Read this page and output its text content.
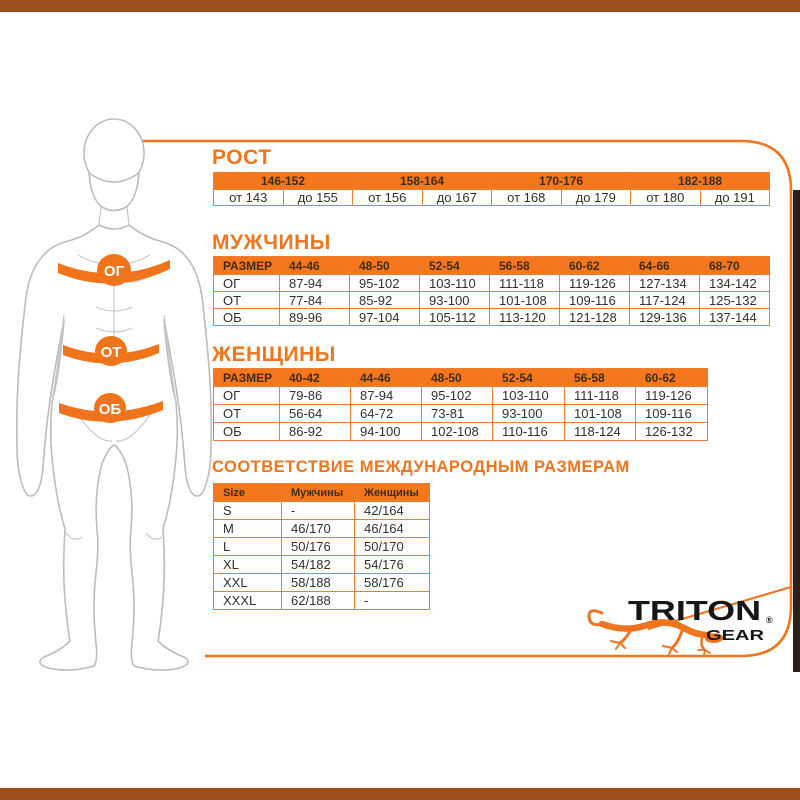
ОГ
ОТ
ОБ
РОСТ
МУЖЧИНЫ
ЖЕНЩИНЫ
СООТВЕТСТВИЕ МЕЖДУНАРОДНЫМ РАЗМЕРАМ
146-152		158-164		170-176		182-188	
от 143	до 155	от 156	до 167	от 168	до 179	от 180	до 191
РАЗМЕР	44-46	48-50	52-54	56-58	60-62	64-66	68-70
ОГ	87-94	95-102	103-110	111-118	119-126	127-134	134-142
ОТ	77-84	85-92	93-100	101-108	109-116	117-124	125-132
ОБ	89-96	97-104	105-112	113-120	121-128	129-136	137-144
РАЗМЕР	40-42	44-46	48-50	52-54	56-58	60-62
ОГ	79-86	87-94	95-102	103-110	111-118	119-126
ОТ	56-64	64-72	73-81	93-100	101-108	109-116
ОБ	86-92	94-100	102-108	110-116	118-124	126-132
Size	Мужчины	Женщины
S	-	42/164
M	46/170	46/164
L	50/176	50/170
XL	54/182	54/176
XXL	58/188	58/176
XXXL	62/188	-	TRITON ®
GEAR
